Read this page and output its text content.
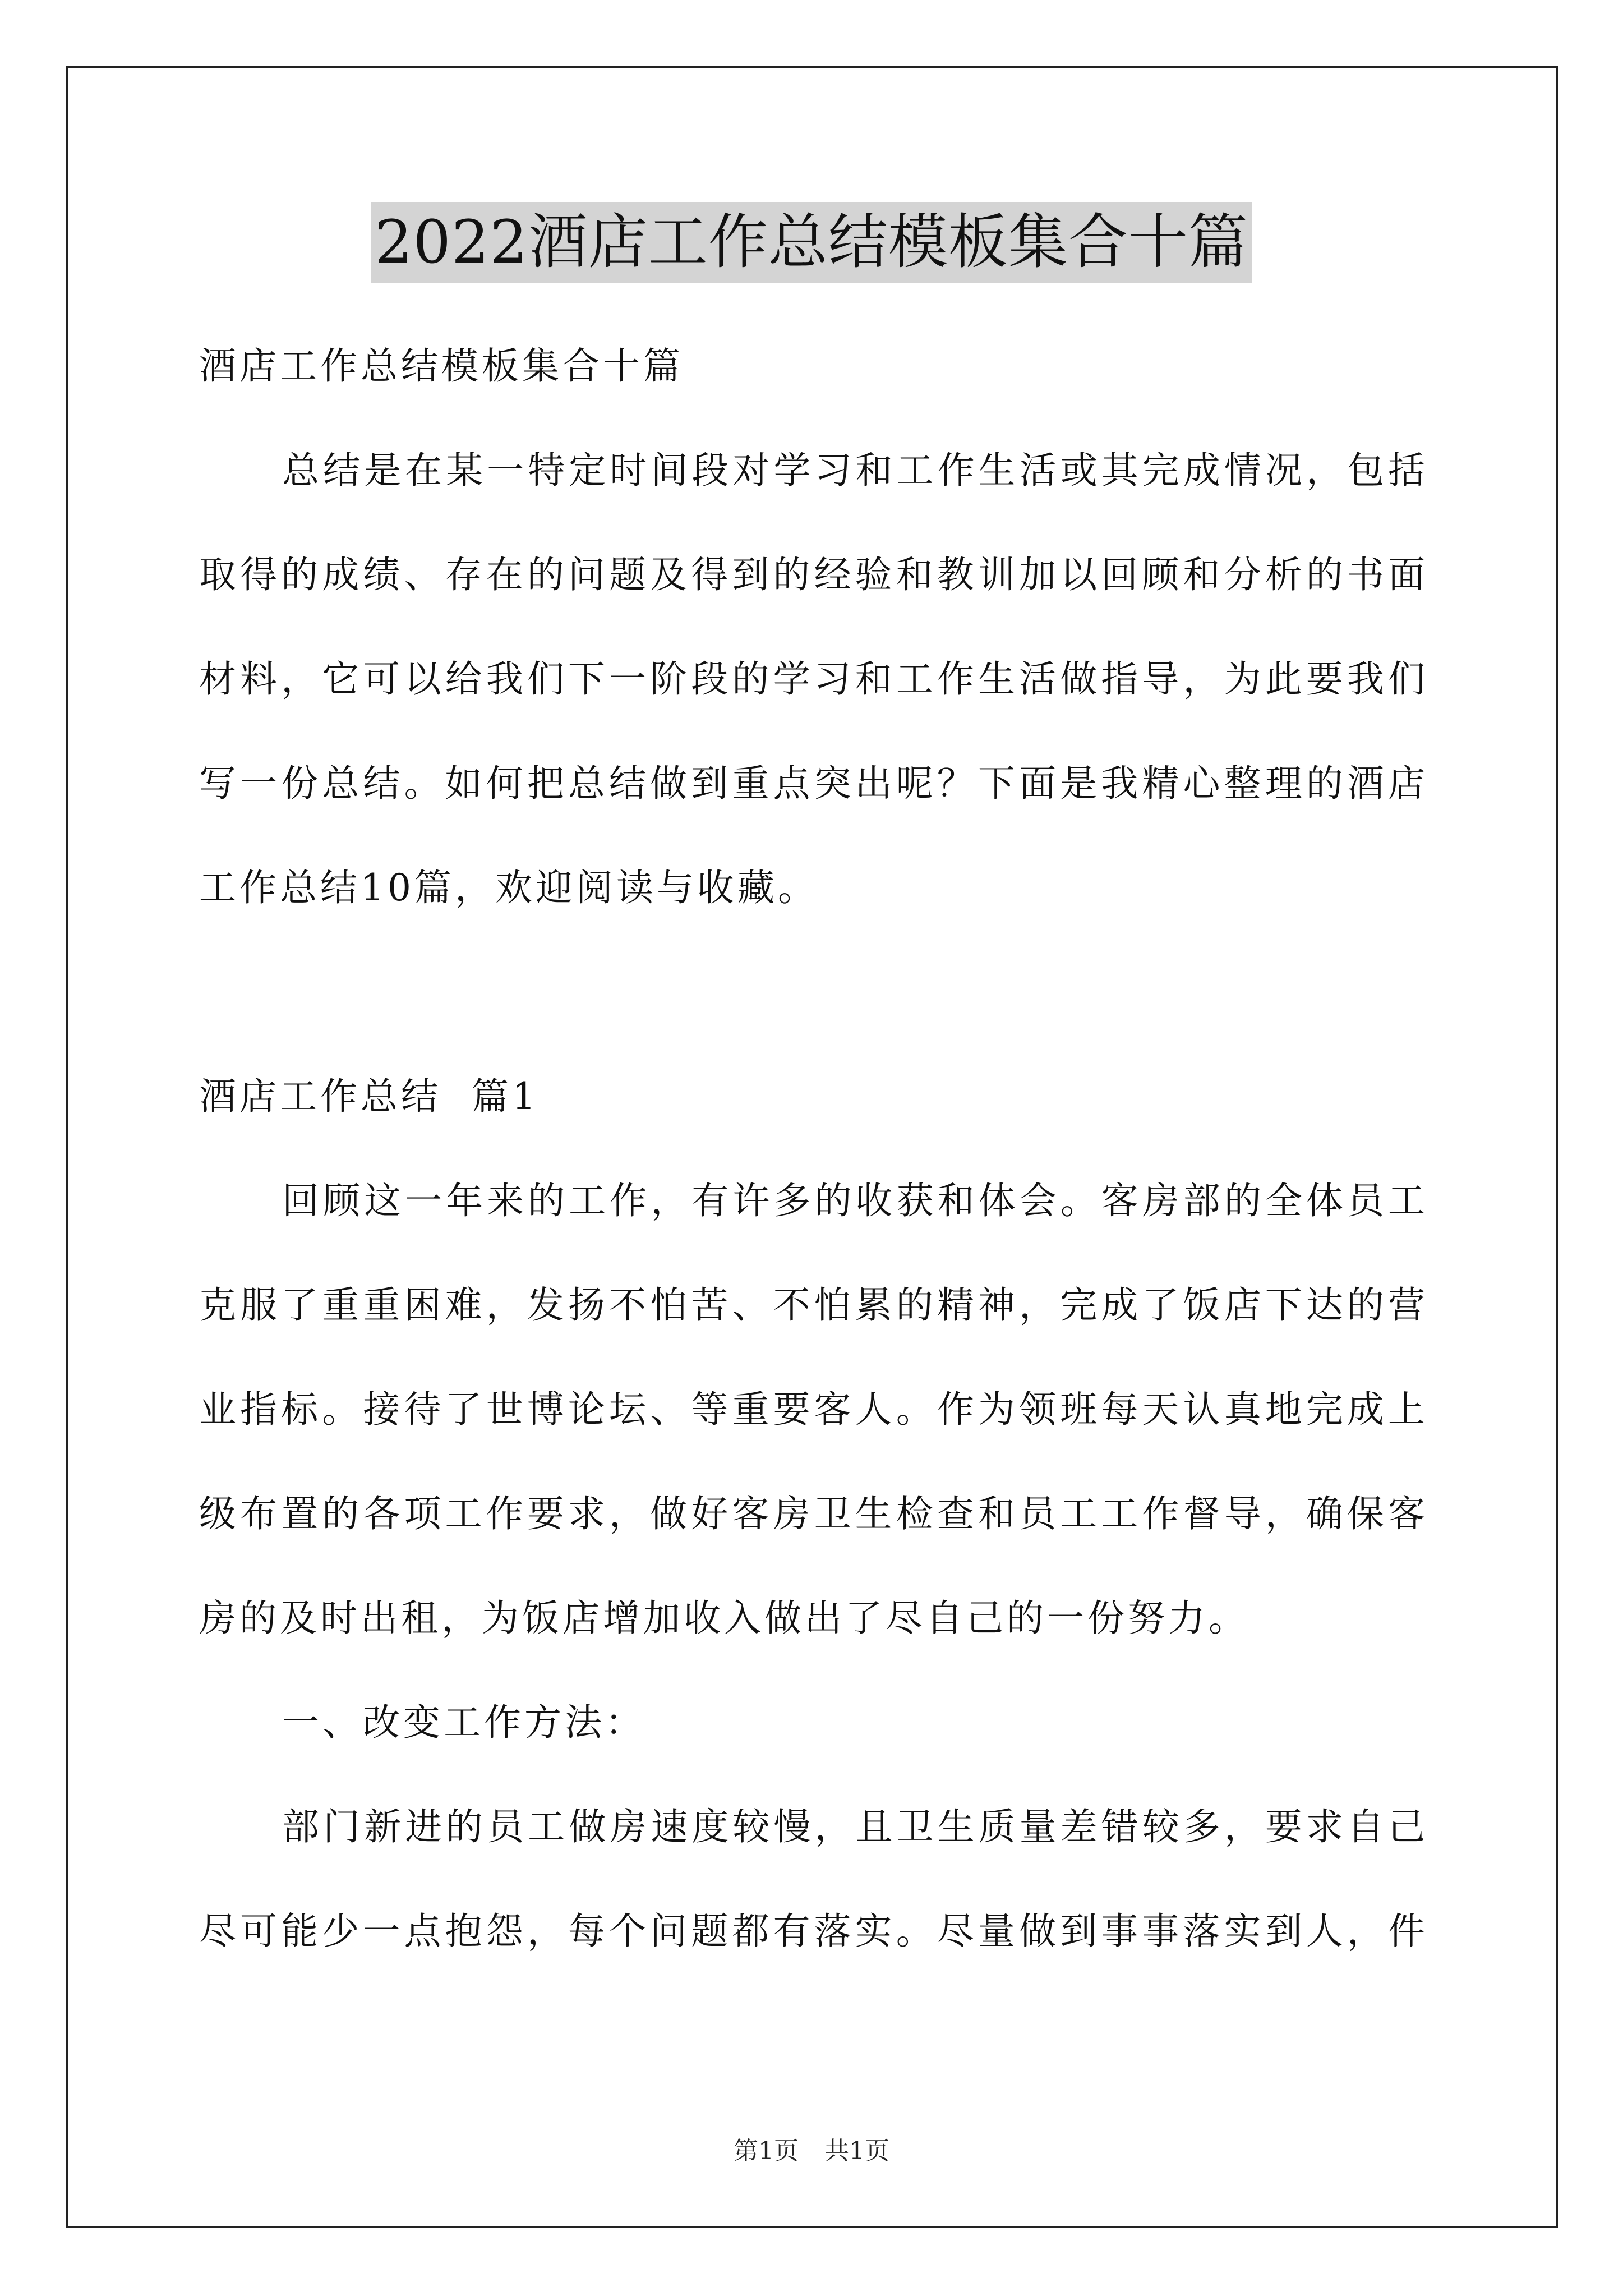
2022酒店工作总结模板集合十篇
酒店工作总结模板集合十篇
总结是在某一特定时间段对学习和工作生活或其完成情况，包括
取得的成绩、存在的问题及得到的经验和教训加以回顾和分析的书面
材料，它可以给我们下一阶段的学习和工作生活做指导，为此要我们
写一份总结。如何把总结做到重点突出呢？下面是我精心整理的酒店
工作总结10篇，欢迎阅读与收藏。
酒店工作总结  篇1
回顾这一年来的工作，有许多的收获和体会。客房部的全体员工
克服了重重困难，发扬不怕苦、不怕累的精神，完成了饭店下达的营
业指标。接待了世博论坛、等重要客人。作为领班每天认真地完成上
级布置的各项工作要求，做好客房卫生检查和员工工作督导，确保客
房的及时出租，为饭店增加收入做出了尽自己的一份努力。
一、改变工作方法：
部门新进的员工做房速度较慢，且卫生质量差错较多，要求自己
尽可能少一点抱怨，每个问题都有落实。尽量做到事事落实到人，件
第1页 共1页
